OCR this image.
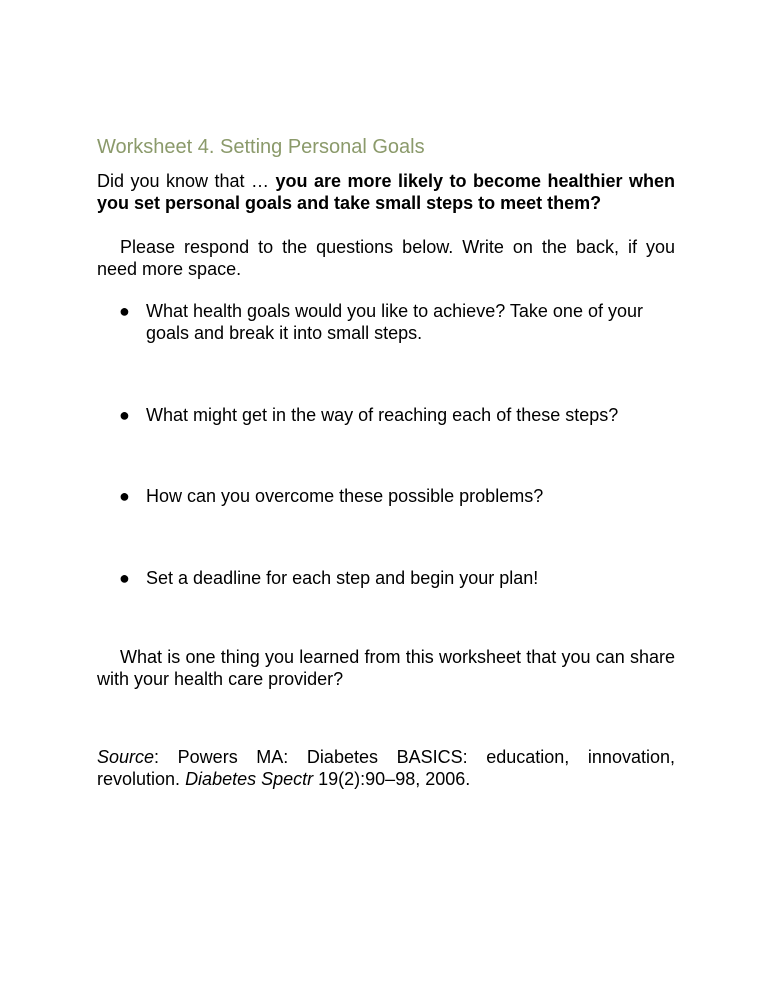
Worksheet 4. Setting Personal Goals
Did you know that … you are more likely to become healthier when you set personal goals and take small steps to meet them?
Please respond to the questions below. Write on the back, if you need more space.
● What health goals would you like to achieve? Take one of your goals and break it into small steps.
● What might get in the way of reaching each of these steps?
● How can you overcome these possible problems?
● Set a deadline for each step and begin your plan!
What is one thing you learned from this worksheet that you can share with your health care provider?
Source: Powers MA: Diabetes BASICS: education, innovation, revolution. Diabetes Spectr 19(2):90–98, 2006.
